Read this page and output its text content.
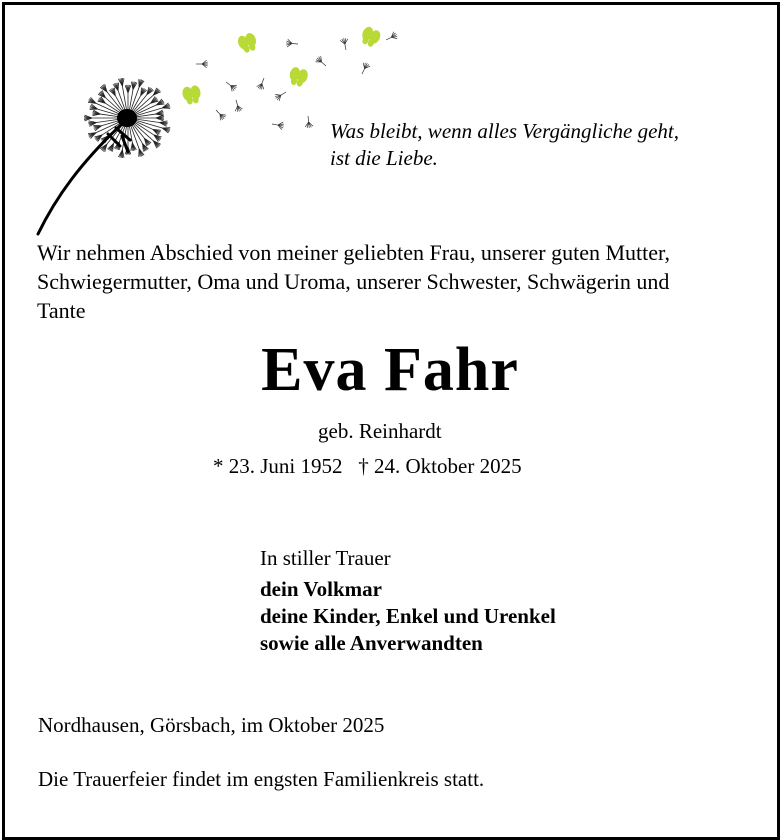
Was bleibt, wenn alles Vergängliche geht,
ist die Liebe.
Wir nehmen Abschied von meiner geliebten Frau, unserer guten Mutter,
Schwiegermutter, Oma und Uroma, unserer Schwester, Schwägerin und
Tante
Eva Fahr
geb. Reinhardt
* 23. Juni 1952   † 24. Oktober 2025
In stiller Trauer
dein Volkmar
deine Kinder, Enkel und Urenkel
sowie alle Anverwandten
Nordhausen, Görsbach, im Oktober 2025
Die Trauerfeier findet im engsten Familienkreis statt.
